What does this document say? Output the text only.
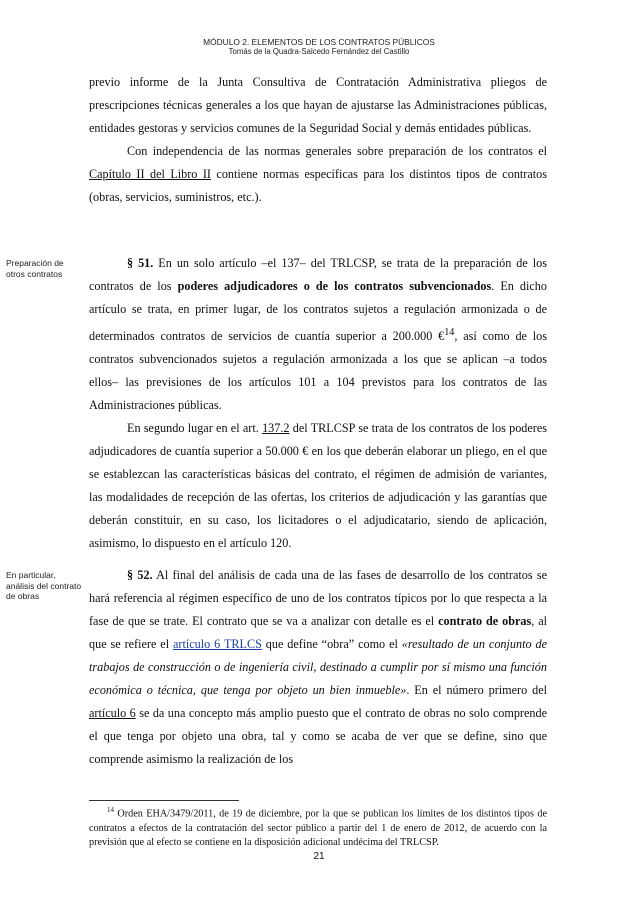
MÓDULO 2. ELEMENTOS DE LOS CONTRATOS PÚBLICOS
Tomás de la Quadra-Salcedo Fernández del Castillo
Preparación de otros contratos
En particular, análisis del contrato de obras

previo informe de la Junta Consultiva de Contratación Administrativa pliegos de prescripciones técnicas generales a los que hayan de ajustarse las Administraciones públicas, entidades gestoras y servicios comunes de la Seguridad Social y demás entidades públicas.

Con independencia de las normas generales sobre preparación de los contratos el Capítulo II del Libro II contiene normas específicas para los distintos tipos de contratos (obras, servicios, suministros, etc.).

§ 51. En un solo artículo –el 137– del TRLCSP, se trata de la preparación de los contratos de los poderes adjudicadores o de los contratos subvencionados. En dicho artículo se trata, en primer lugar, de los contratos sujetos a regulación armonizada o de determinados contratos de servicios de cuantía superior a 200.000 €$^{14}$, así como de los contratos subvencionados sujetos a regulación armonizada a los que se aplican –a todos ellos– las previsiones de los artículos 101 a 104 previstos para los contratos de las Administraciones públicas.

En segundo lugar en el art. 137.2 del TRLCSP se trata de los contratos de los poderes adjudicadores de cuantía superior a 50.000 € en los que deberán elaborar un pliego, en el que se establezcan las características básicas del contrato, el régimen de admisión de variantes, las modalidades de recepción de las ofertas, los criterios de adjudicación y las garantías que deberán constituir, en su caso, los licitadores o el adjudicatario, siendo de aplicación, asimismo, lo dispuesto en el artículo 120.

§ 52. Al final del análisis de cada una de las fases de desarrollo de los contratos se hará referencia al régimen específico de uno de los contratos típicos por lo que respecta a la fase de que se trate. El contrato que se va a analizar con detalle es el contrato de obras, al que se refiere el artículo 6 TRLCS que define “obra” como el «resultado de un conjunto de trabajos de construcción o de ingeniería civil, destinado a cumplir por sí mismo una función económica o técnica, que tenga por objeto un bien inmueble». En el número primero del artículo 6 se da una concepto más amplio puesto que el contrato de obras no solo comprende el que tenga por objeto una obra, tal y como se acaba de ver que se define, sino que comprende asimismo la realización de los

$^{14}$ Orden EHA/3479/2011, de 19 de diciembre, por la que se publican los límites de los distintos tipos de contratos a efectos de la contratación del sector público a partir del 1 de enero de 2012, de acuerdo con la previsión que al efecto se contiene en la disposición adicional undécima del TRLCSP.
21
